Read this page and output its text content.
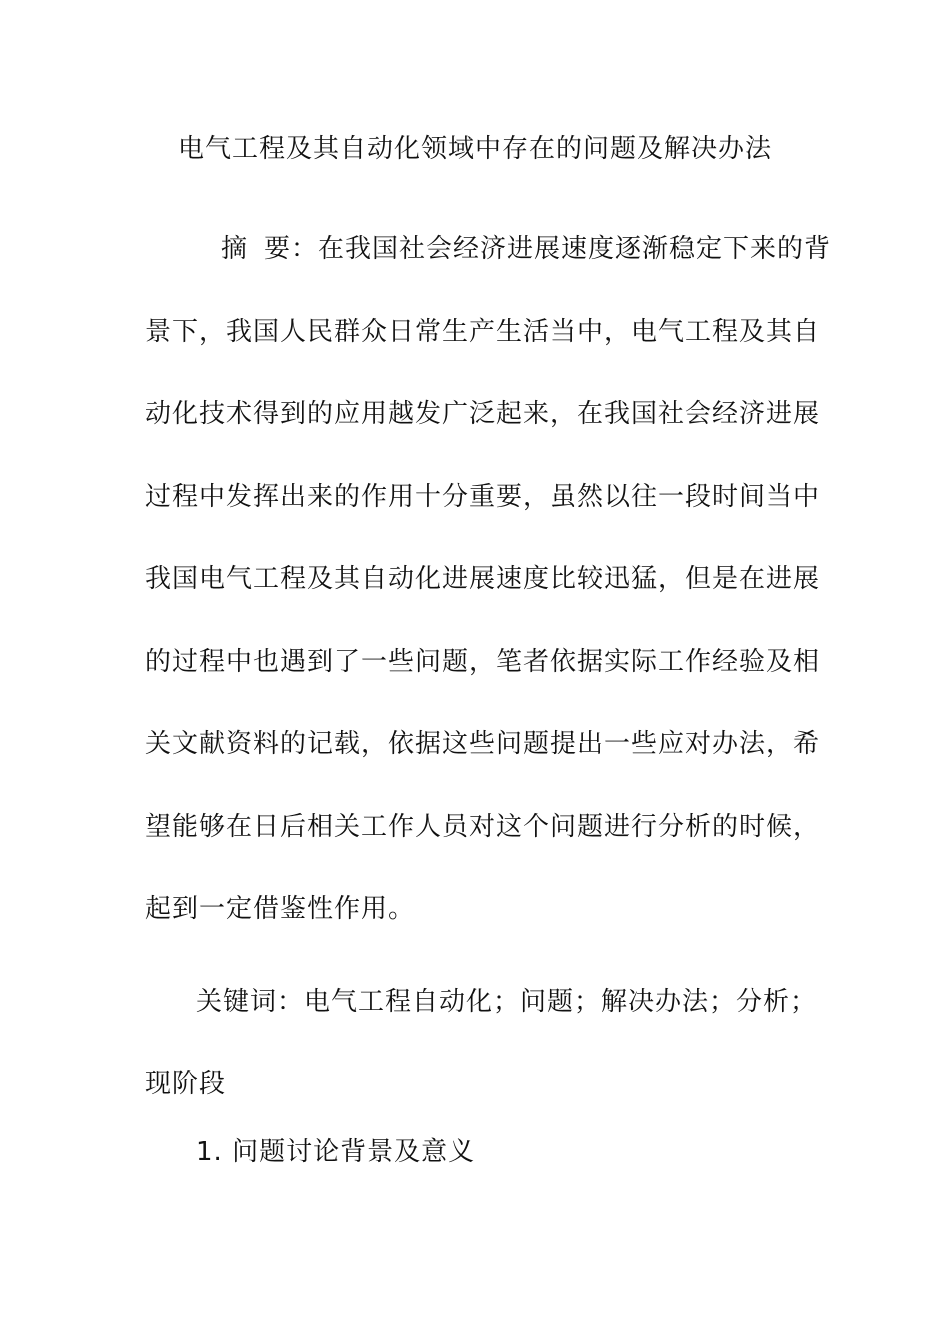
电气工程及其自动化领域中存在的问题及解决办法
摘 要：在我国社会经济进展速度逐渐稳定下来的背
景下，我国人民群众日常生产生活当中，电气工程及其自
动化技术得到的应用越发广泛起来，在我国社会经济进展
过程中发挥出来的作用十分重要，虽然以往一段时间当中
我国电气工程及其自动化进展速度比较迅猛，但是在进展
的过程中也遇到了一些问题，笔者依据实际工作经验及相
关文献资料的记载，依据这些问题提出一些应对办法，希
望能够在日后相关工作人员对这个问题进行分析的时候，
起到一定借鉴性作用。
关键词：电气工程自动化；问题；解决办法；分析；
现阶段
1. 问题讨论背景及意义
